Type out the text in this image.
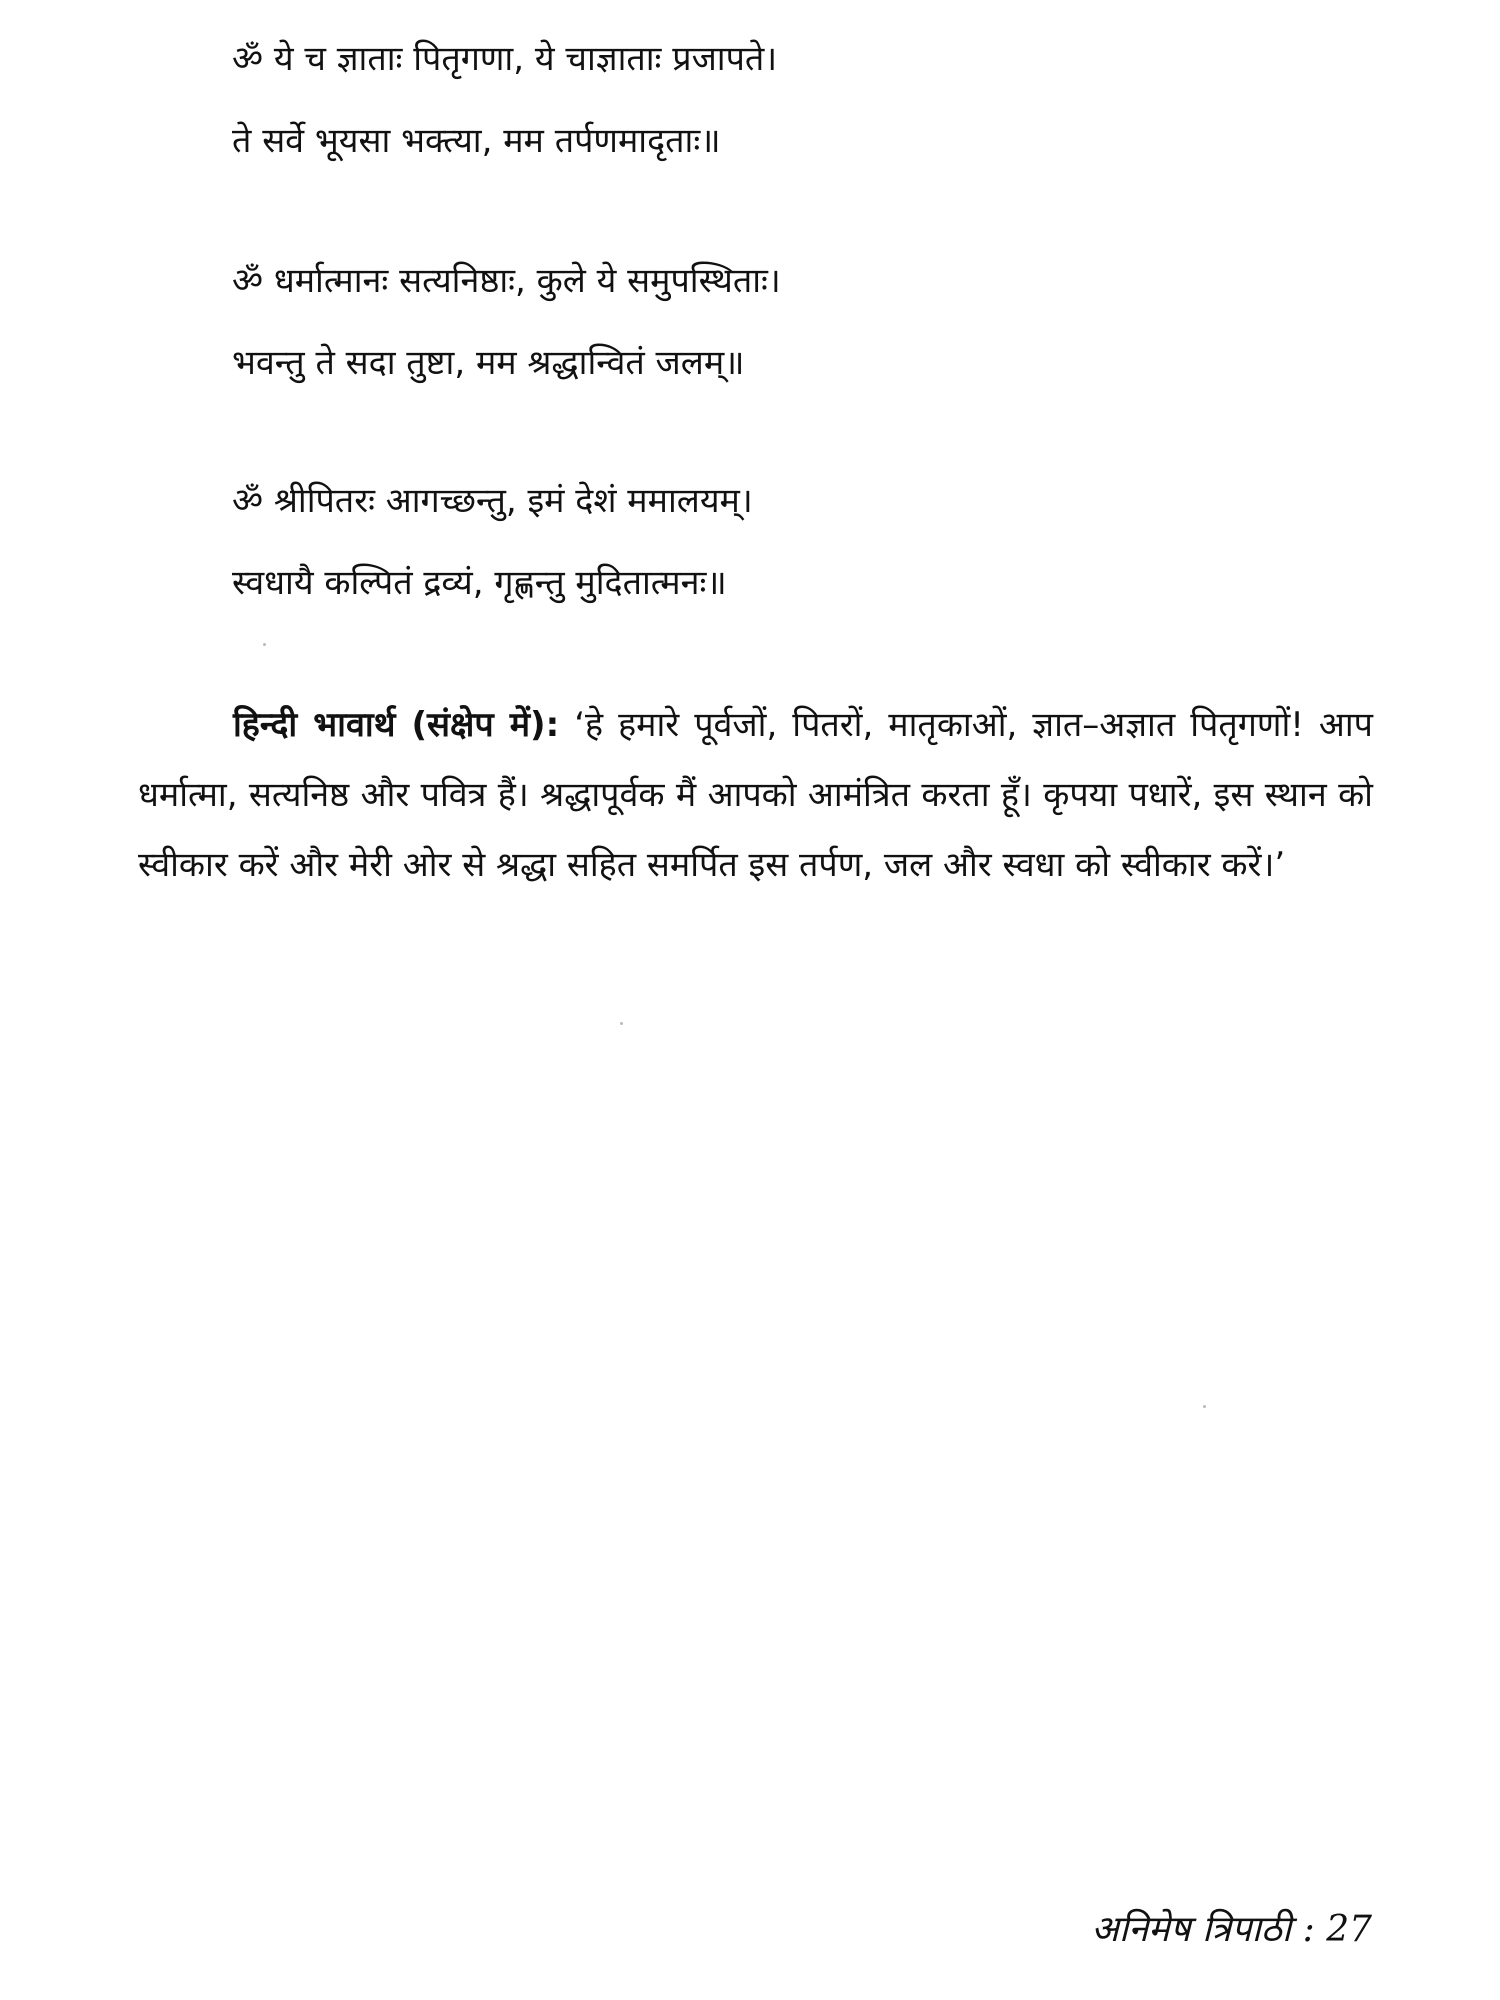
ॐ ये च ज्ञाताः पितृगणा, ये चाज्ञाताः प्रजापते।

ते सर्वे भूयसा भक्त्या, मम तर्पणमादृताः॥

ॐ धर्मात्मानः सत्यनिष्ठाः, कुले ये समुपस्थिताः।

भवन्तु ते सदा तुष्टा, मम श्रद्धान्वितं जलम्॥

ॐ श्रीपितरः आगच्छन्तु, इमं देशं ममालयम्।

स्वधायै कल्पितं द्रव्यं, गृह्णन्तु मुदितात्मनः॥

हिन्दी भावार्थ (संक्षेप में): ‘हे हमारे पूर्वजों, पितरों, मातृकाओं, ज्ञात–अज्ञात पितृगणों! आप धर्मात्मा, सत्यनिष्ठ और पवित्र हैं। श्रद्धापूर्वक मैं आपको आमंत्रित करता हूँ। कृपया पधारें, इस स्थान को स्वीकार करें और मेरी ओर से श्रद्धा सहित समर्पित इस तर्पण, जल और स्वधा को स्वीकार करें।’

अनिमेष त्रिपाठी : 27
